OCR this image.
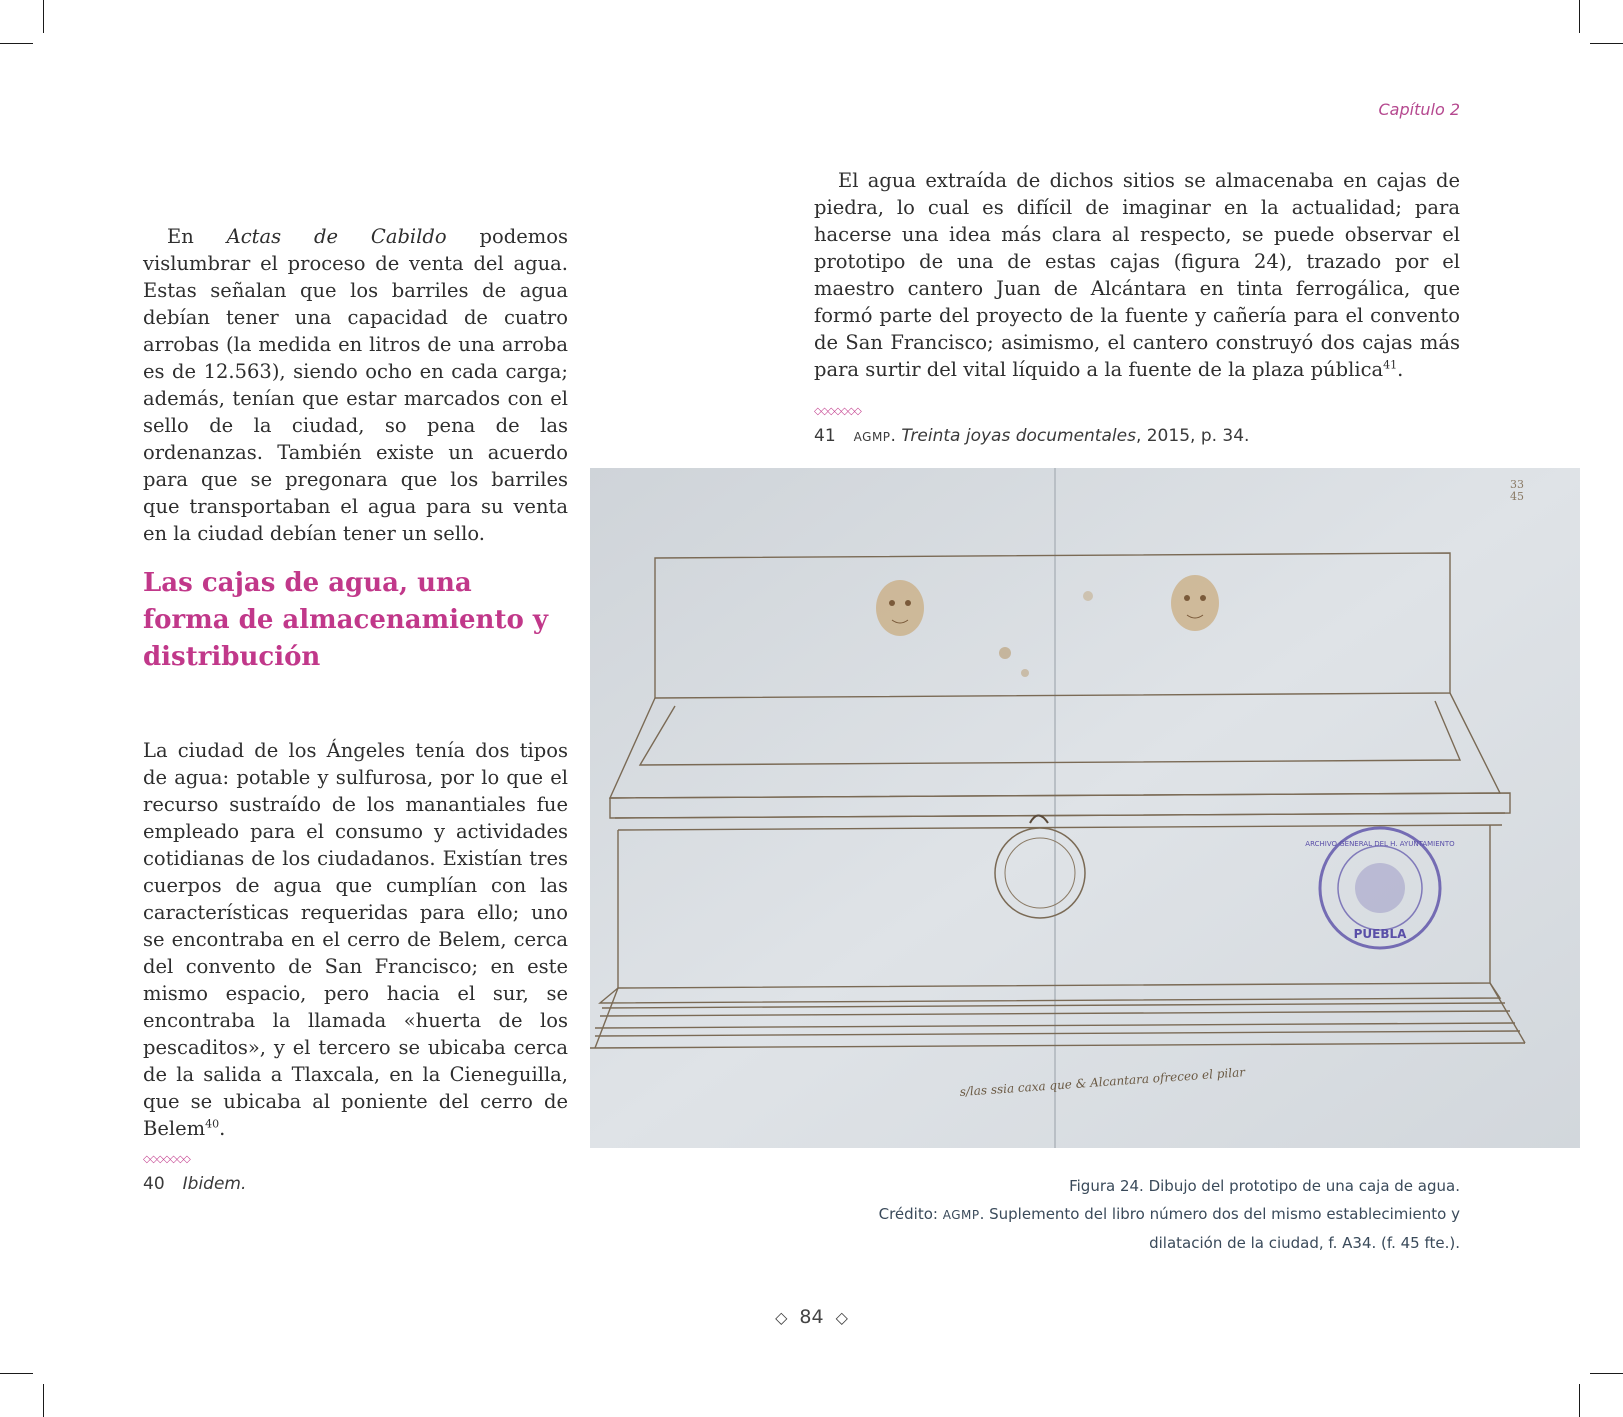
Capítulo 2

En Actas de Cabildo podemos vislumbrar el proceso de venta del agua. Estas señalan que los barriles de agua debían tener una capacidad de cuatro arrobas (la medida en litros de una arroba es de 12.563), siendo ocho en cada carga; además, tenían que estar marcados con el sello de la ciudad, so pena de las ordenanzas. También existe un acuerdo para que se pregonara que los barriles que transportaban el agua para su venta en la ciudad debían tener un sello.

Las cajas de agua, una forma de almacenamiento y distribución

La ciudad de los Ángeles tenía dos tipos de agua: potable y sulfurosa, por lo que el recurso sustraído de los manantiales fue empleado para el consumo y actividades cotidianas de los ciudadanos. Existían tres cuerpos de agua que cumplían con las características requeridas para ello; uno se encontraba en el cerro de Belem, cerca del convento de San Francisco; en este mismo espacio, pero hacia el sur, se encontraba la llamada «huerta de los pescaditos», y el tercero se ubicaba cerca de la salida a Tlaxcala, en la Cieneguilla, que se ubicaba al poniente del cerro de Belem$^{40}$.

◇◇◇◇◇◇◇
40 Ibidem.

El agua extraída de dichos sitios se almacenaba en cajas de piedra, lo cual es difícil de imaginar en la actualidad; para hacerse una idea más clara al respecto, se puede observar el prototipo de una de estas cajas (figura 24), trazado por el maestro cantero Juan de Alcántara en tinta ferrogálica, que formó parte del proyecto de la fuente y cañería para el convento de San Francisco; asimismo, el cantero construyó dos cajas más para surtir del vital líquido a la fuente de la plaza pública$^{41}$.

◇◇◇◇◇◇◇
41 AGMP. Treinta joyas documentales, 2015, p. 34.
33
45
s/las ssia caxa que & Alcantara ofreceo el pilar
ARCHIVO GENERAL DEL H. AYUNTAMIENTO
PUEBLA
Figura 24. Dibujo del prototipo de una caja de agua.
Crédito: AGMP. Suplemento del libro número dos del mismo establecimiento y
dilatación de la ciudad, f. A34. (f. 45 fte.).
◇ 84 ◇
